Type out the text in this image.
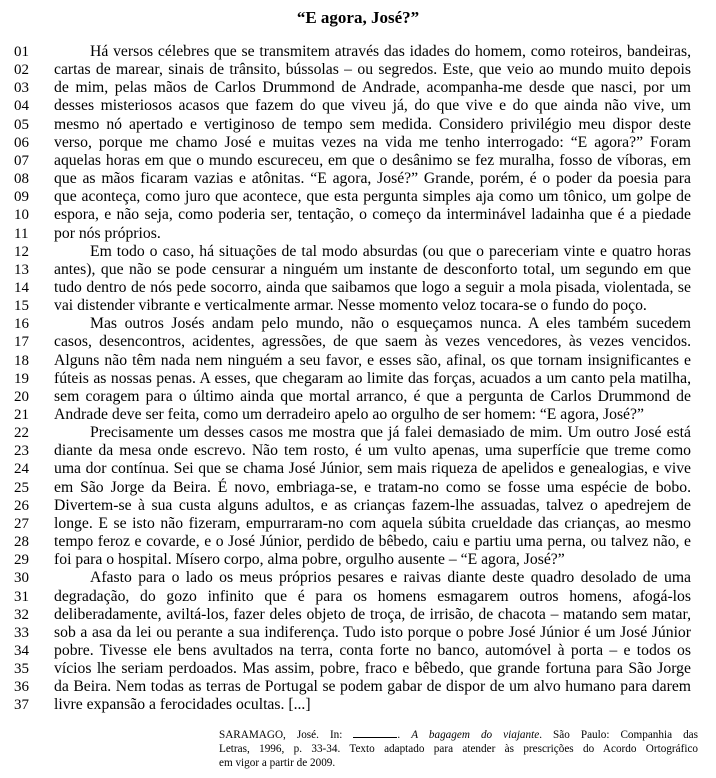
“E agora, José?”
01	Há versos célebres que se transmitem através das idades do homem, como roteiros, bandeiras,
02	cartas de marear, sinais de trânsito, bússolas – ou segredos. Este, que veio ao mundo muito depois
03	de mim, pelas mãos de Carlos Drummond de Andrade, acompanha-me desde que nasci, por um
04	desses misteriosos acasos que fazem do que viveu já, do que vive e do que ainda não vive, um
05	mesmo nó apertado e vertiginoso de tempo sem medida. Considero privilégio meu dispor deste
06	verso, porque me chamo José e muitas vezes na vida me tenho interrogado: “E agora?” Foram
07	aquelas horas em que o mundo escureceu, em que o desânimo se fez muralha, fosso de víboras, em
08	que as mãos ficaram vazias e atônitas. “E agora, José?” Grande, porém, é o poder da poesia para
09	que aconteça, como juro que acontece, que esta pergunta simples aja como um tônico, um golpe de
10	espora, e não seja, como poderia ser, tentação, o começo da interminável ladainha que é a piedade
11	por nós próprios.
12	Em todo o caso, há situações de tal modo absurdas (ou que o pareceriam vinte e quatro horas
13	antes), que não se pode censurar a ninguém um instante de desconforto total, um segundo em que
14	tudo dentro de nós pede socorro, ainda que saibamos que logo a seguir a mola pisada, violentada, se
15	vai distender vibrante e verticalmente armar. Nesse momento veloz tocara-se o fundo do poço.
16	Mas outros Josés andam pelo mundo, não o esqueçamos nunca. A eles também sucedem
17	casos, desencontros, acidentes, agressões, de que saem às vezes vencedores, às vezes vencidos.
18	Alguns não têm nada nem ninguém a seu favor, e esses são, afinal, os que tornam insignificantes e
19	fúteis as nossas penas. A esses, que chegaram ao limite das forças, acuados a um canto pela matilha,
20	sem coragem para o último ainda que mortal arranco, é que a pergunta de Carlos Drummond de
21	Andrade deve ser feita, como um derradeiro apelo ao orgulho de ser homem: “E agora, José?”
22	Precisamente um desses casos me mostra que já falei demasiado de mim. Um outro José está
23	diante da mesa onde escrevo. Não tem rosto, é um vulto apenas, uma superfície que treme como
24	uma dor contínua. Sei que se chama José Júnior, sem mais riqueza de apelidos e genealogias, e vive
25	em São Jorge da Beira. É novo, embriaga-se, e tratam-no como se fosse uma espécie de bobo.
26	Divertem-se à sua custa alguns adultos, e as crianças fazem-lhe assuadas, talvez o apedrejem de
27	longe. E se isto não fizeram, empurraram-no com aquela súbita crueldade das crianças, ao mesmo
28	tempo feroz e covarde, e o José Júnior, perdido de bêbedo, caiu e partiu uma perna, ou talvez não, e
29	foi para o hospital. Mísero corpo, alma pobre, orgulho ausente – “E agora, José?”
30	Afasto para o lado os meus próprios pesares e raivas diante deste quadro desolado de uma
31	degradação, do gozo infinito que é para os homens esmagarem outros homens, afogá-los
32	deliberadamente, aviltá-los, fazer deles objeto de troça, de irrisão, de chacota – matando sem matar,
33	sob a asa da lei ou perante a sua indiferença. Tudo isto porque o pobre José Júnior é um José Júnior
34	pobre. Tivesse ele bens avultados na terra, conta forte no banco, automóvel à porta – e todos os
35	vícios lhe seriam perdoados. Mas assim, pobre, fraco e bêbedo, que grande fortuna para São Jorge
36	da Beira. Nem todas as terras de Portugal se podem gabar de dispor de um alvo humano para darem
37	livre expansão a ferocidades ocultas. [...]
SARAMAGO, José. In:	. A bagagem do viajante. São Paulo: Companhia das
Letras, 1996, p. 33-34. Texto adaptado para atender às prescrições do Acordo Ortográfico
em vigor a partir de 2009.
